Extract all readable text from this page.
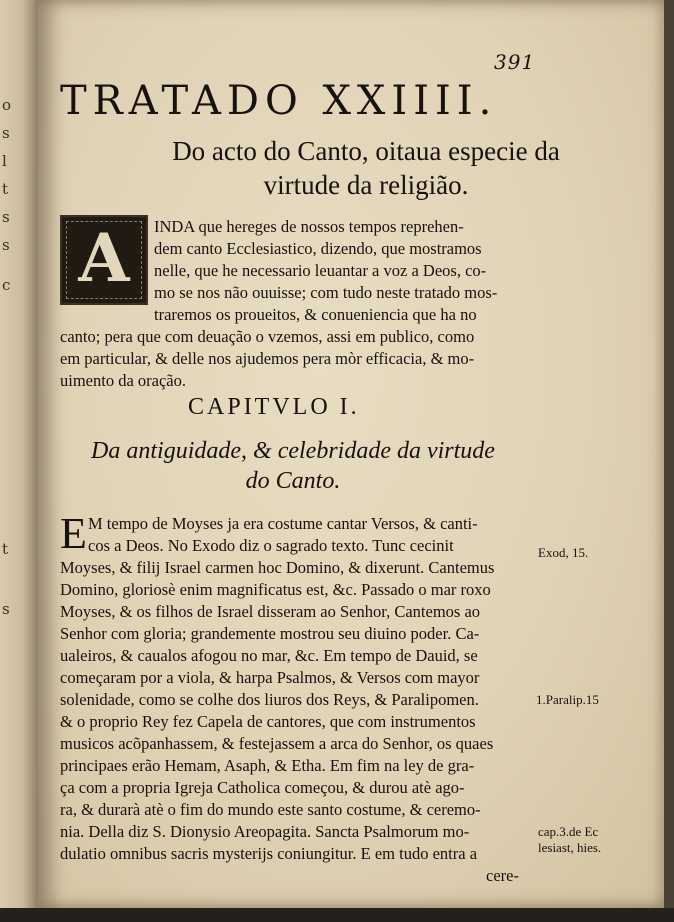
o
s
l
t
s
s
c
t
s
391
TRATADO XXIIII.
Do acto do Canto, oitaua especie da
virtude da religião.
A	INDA que hereges de nossos tempos reprehen-
dem canto Ecclesiastico, dizendo, que mostramos
nelle, que he necessario leuantar a voz a Deos, co-
mo se nos não ouuisse; com tudo neste tratado mos-
traremos os proueitos, & conueniencia que ha no
canto; pera que com deuação o vzemos, assi em publico, como
em particular, & delle nos ajudemos pera mòr efficacia, & mo-
uimento da oração.
CAPITVLO I.
Da antiguidade, & celebridade da virtude
do Canto.
E M tempo de Moyses ja era costume cantar Versos, & canti-
cos a Deos. No Exodo diz o sagrado texto. Tunc cecinit
Moyses, & filij Israel carmen hoc Domino, & dixerunt. Cantemus
Domino, gloriosè enim magnificatus est, &c. Passado o mar roxo
Moyses, & os filhos de Israel disseram ao Senhor, Cantemos ao
Senhor com gloria; grandemente mostrou seu diuino poder. Ca-
ualeiros, & caualos afogou no mar, &c. Em tempo de Dauid, se
começaram por a viola, & harpa Psalmos, & Versos com mayor
solenidade, como se colhe dos liuros dos Reys, & Paralipomen.
& o proprio Rey fez Capela de cantores, que com instrumentos
musicos acõpanhassem, & festejassem a arca do Senhor, os quaes
principaes erão Hemam, Asaph, & Etha. Em fim na ley de gra-
ça com a propria Igreja Catholica começou, & durou atè ago-
ra, & durarà atè o fim do mundo este santo costume, & ceremo-
nia. Della diz S. Dionysio Areopagita. Sancta Psalmorum mo-
dulatio omnibus sacris mysterijs coniungitur. E em tudo entra a
cere-
Exod, 15.
1.Paralip.15
cap.3.de Ec
lesiast, hies.
